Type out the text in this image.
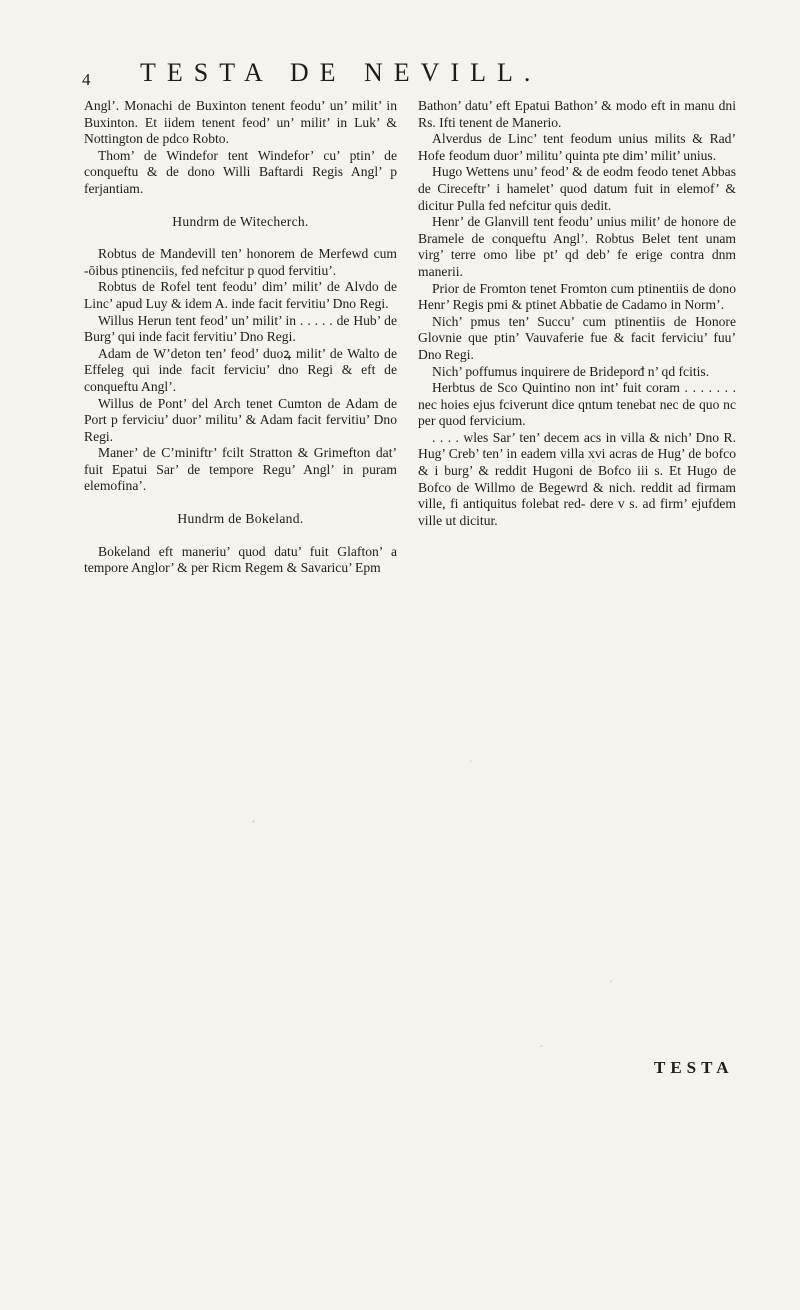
4 TESTA DE NEVILL.

Angl’. Monachi de Buxinton tenent feodu’ un’ milit’ in Buxinton. Et iidem tenent feod’ un’ milit’ in Luk’ & Nottington de pdco Robto.

Thom’ de Windefor tent Windefor’ cu’ ptin’ de conqueftu & de dono Willi Baftardi Regis Angl’ p ferjantiam.

Hundrm de Witecherch.

Robtus de Mandevill ten’ honorem de Merfewd cum -ōibus ptinenciis, fed nefcitur p quod fervitiu’.

Robtus de Rofel tent feodu’ dim’ milit’ de Alvdo de Linc’ apud Luy & idem A. inde facit fervitiu’ Dno Regi.

Willus Herun tent feod’ un’ milit’ in . . . . . de Hub’ de Burg’ qui inde facit fervitiu’ Dno Regi.

Adam de W’deton ten’ feod’ duoꝝ milit’ de Walto de Effeleg qui inde facit ferviciu’ dno Regi & eft de conqueftu Angl’.

Willus de Pont’ del Arch tenet Cumton de Adam de Port p ferviciu’ duor’ militu’ & Adam facit fervitiu’ Dno Regi.

Maner’ de C’miniftr’ fcilt Stratton & Grimefton dat’ fuit Epatui Sar’ de tempore Regu’ Angl’ in puram elemofina’.

Hundrm de Bokeland.

Bokeland eft maneriu’ quod datu’ fuit Glafton’ a tempore Anglor’ & per Ricm Regem & Savaricu’ Epm

Bathon’ datu’ eft Epatui Bathon’ & modo eft in manu dni Rs. Ifti tenent de Manerio.

Alverdus de Linc’ tent feodum unius milits & Rad’ Hofe feodum duor’ militu’ quinta pte dim’ milit’ unius.

Hugo Wettens unu’ feod’ & de eodm feodo tenet Abbas de Cireceftr’ i hamelet’ quod datum fuit in elemof’ & dicitur Pulla fed nefcitur quis dedit.

Henr’ de Glanvill tent feodu’ unius milit’ de honore de Bramele de conqueftu Angl’. Robtus Belet tent unam virg’ terre omo libe pt’ qd deb’ fe erige contra dnm manerii.

Prior de Fromton tenet Fromton cum ptinentiis de dono Henr’ Regis pmi & ptinet Abbatie de Cadamo in Norm’.

Nich’ pmus ten’ Succu’ cum ptinentiis de Honore Glovnie que ptin’ Vauvaferie fue & facit ferviciu’ fuu’ Dno Regi.

Nich’ poffumus inquirere de Brideporđ n’ qd fcitis.

Herbtus de Sco Quintino non int’ fuit coram . . . . . . . nec hoies ejus fciverunt dice qntum tenebat nec de quo nc per quod fervicium.

. . . . wles Sar’ ten’ decem acs in villa & nich’ Dno R. Hug’ Creb’ ten’ in eadem villa xvi acras de Hug’ de bofco & i burg’ & reddit Hugoni de Bofco iii s. Et Hugo de Bofco de Willmo de Begewrd & nich. reddit ad firmam ville, fi antiquitus folebat red- dere v s. ad firm’ ejufdem ville ut dicitur.

TESTA
